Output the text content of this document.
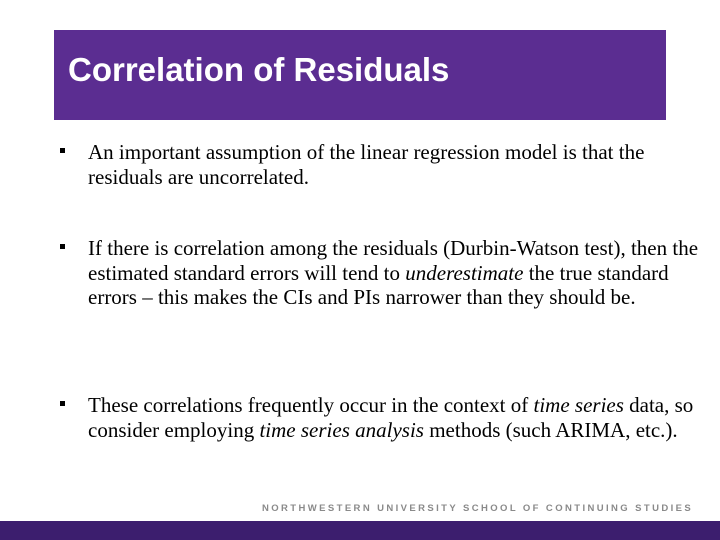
Correlation of Residuals
An important assumption of the linear regression model is that the residuals are uncorrelated.
If there is correlation among the residuals (Durbin-Watson test), then the estimated standard errors will tend to underestimate the true standard errors – this makes the CIs and PIs narrower than they should be.
These correlations frequently occur in the context of time series data, so consider employing time series analysis methods (such ARIMA, etc.).
NORTHWESTERN UNIVERSITY SCHOOL OF CONTINUING STUDIES
